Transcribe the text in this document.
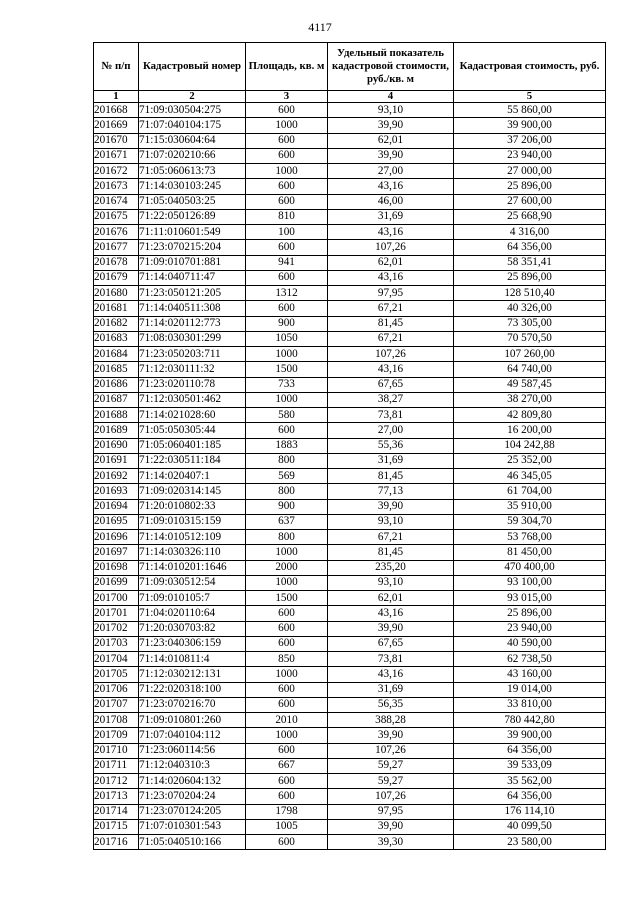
4117
№ п/п	Кадастровый номер	Площадь, кв. м	Удельный показатель кадастровой стоимости, руб./кв. м	Кадастровая стоимость, руб.
1	2	3	4	5
201668	71:09:030504:275	600	93,10	55 860,00
201669	71:07:040104:175	1000	39,90	39 900,00
201670	71:15:030604:64	600	62,01	37 206,00
201671	71:07:020210:66	600	39,90	23 940,00
201672	71:05:060613:73	1000	27,00	27 000,00
201673	71:14:030103:245	600	43,16	25 896,00
201674	71:05:040503:25	600	46,00	27 600,00
201675	71:22:050126:89	810	31,69	25 668,90
201676	71:11:010601:549	100	43,16	4 316,00
201677	71:23:070215:204	600	107,26	64 356,00
201678	71:09:010701:881	941	62,01	58 351,41
201679	71:14:040711:47	600	43,16	25 896,00
201680	71:23:050121:205	1312	97,95	128 510,40
201681	71:14:040511:308	600	67,21	40 326,00
201682	71:14:020112:773	900	81,45	73 305,00
201683	71:08:030301:299	1050	67,21	70 570,50
201684	71:23:050203:711	1000	107,26	107 260,00
201685	71:12:030111:32	1500	43,16	64 740,00
201686	71:23:020110:78	733	67,65	49 587,45
201687	71:12:030501:462	1000	38,27	38 270,00
201688	71:14:021028:60	580	73,81	42 809,80
201689	71:05:050305:44	600	27,00	16 200,00
201690	71:05:060401:185	1883	55,36	104 242,88
201691	71:22:030511:184	800	31,69	25 352,00
201692	71:14:020407:1	569	81,45	46 345,05
201693	71:09:020314:145	800	77,13	61 704,00
201694	71:20:010802:33	900	39,90	35 910,00
201695	71:09:010315:159	637	93,10	59 304,70
201696	71:14:010512:109	800	67,21	53 768,00
201697	71:14:030326:110	1000	81,45	81 450,00
201698	71:14:010201:1646	2000	235,20	470 400,00
201699	71:09:030512:54	1000	93,10	93 100,00
201700	71:09:010105:7	1500	62,01	93 015,00
201701	71:04:020110:64	600	43,16	25 896,00
201702	71:20:030703:82	600	39,90	23 940,00
201703	71:23:040306:159	600	67,65	40 590,00
201704	71:14:010811:4	850	73,81	62 738,50
201705	71:12:030212:131	1000	43,16	43 160,00
201706	71:22:020318:100	600	31,69	19 014,00
201707	71:23:070216:70	600	56,35	33 810,00
201708	71:09:010801:260	2010	388,28	780 442,80
201709	71:07:040104:112	1000	39,90	39 900,00
201710	71:23:060114:56	600	107,26	64 356,00
201711	71:12:040310:3	667	59,27	39 533,09
201712	71:14:020604:132	600	59,27	35 562,00
201713	71:23:070204:24	600	107,26	64 356,00
201714	71:23:070124:205	1798	97,95	176 114,10
201715	71:07:010301:543	1005	39,90	40 099,50
201716	71:05:040510:166	600	39,30	23 580,00
